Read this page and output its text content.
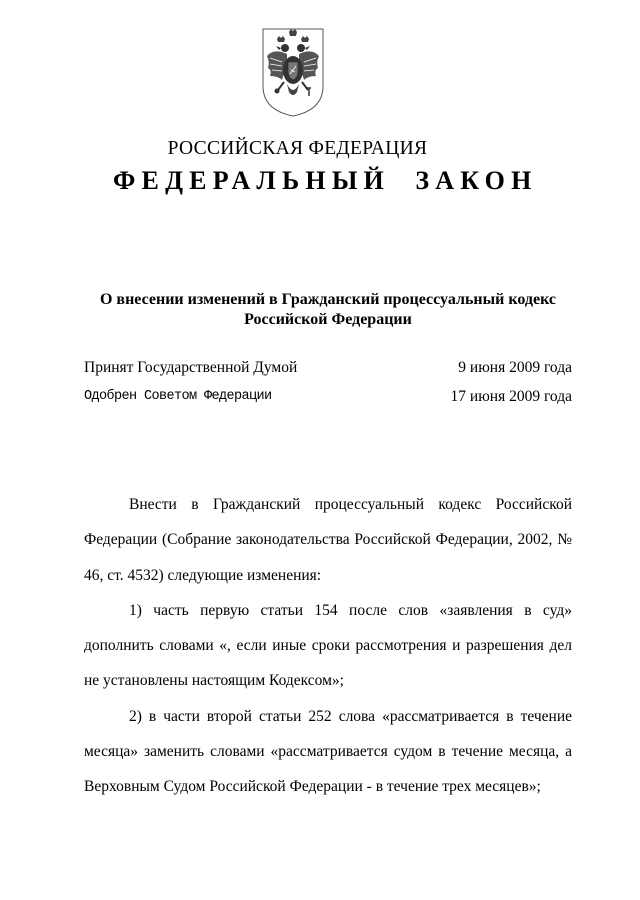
РОССИЙСКАЯ ФЕДЕРАЦИЯ
ФЕДЕРАЛЬНЫЙ  ЗАКОН
О внесении изменений в Гражданский процессуальный кодекс Российской Федерации
Принят Государственной Думой	9 июня 2009 года
Одобрен Советом Федерации	17 июня 2009 года

Внести в Гражданский процессуальный кодекс Российской Федерации (Собрание законодательства Российской Федерации, 2002, № 46, ст. 4532) следующие изменения:

1) часть первую статьи 154 после слов «заявления в суд» дополнить словами «, если иные сроки рассмотрения и разрешения дел не установлены настоящим Кодексом»;

2) в части второй статьи 252 слова «рассматривается в течение месяца» заменить словами «рассматривается судом в течение месяца, а Верховным Судом Российской Федерации - в течение трех месяцев»;
